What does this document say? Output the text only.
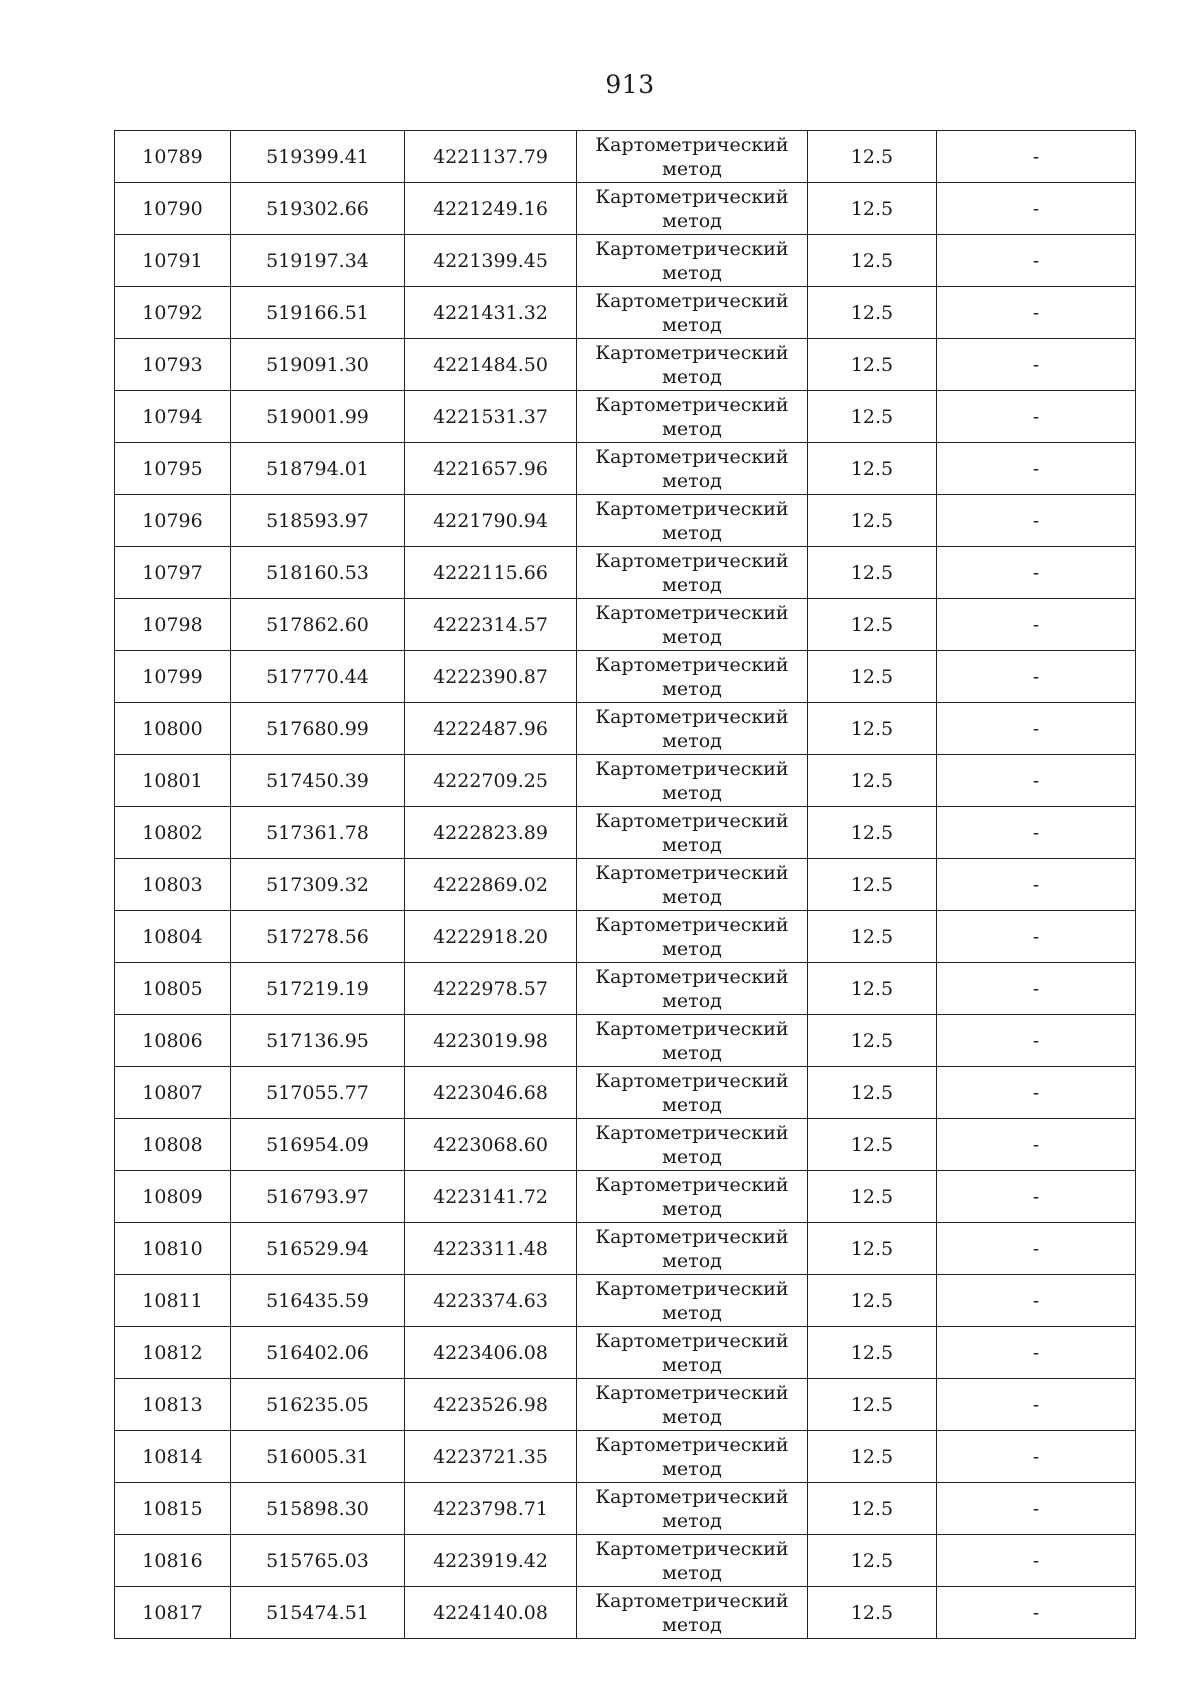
913
10789	519399.41	4221137.79	Картометрический
метод	12.5	-
10790	519302.66	4221249.16	Картометрический
метод	12.5	-
10791	519197.34	4221399.45	Картометрический
метод	12.5	-
10792	519166.51	4221431.32	Картометрический
метод	12.5	-
10793	519091.30	4221484.50	Картометрический
метод	12.5	-
10794	519001.99	4221531.37	Картометрический
метод	12.5	-
10795	518794.01	4221657.96	Картометрический
метод	12.5	-
10796	518593.97	4221790.94	Картометрический
метод	12.5	-
10797	518160.53	4222115.66	Картометрический
метод	12.5	-
10798	517862.60	4222314.57	Картометрический
метод	12.5	-
10799	517770.44	4222390.87	Картометрический
метод	12.5	-
10800	517680.99	4222487.96	Картометрический
метод	12.5	-
10801	517450.39	4222709.25	Картометрический
метод	12.5	-
10802	517361.78	4222823.89	Картометрический
метод	12.5	-
10803	517309.32	4222869.02	Картометрический
метод	12.5	-
10804	517278.56	4222918.20	Картометрический
метод	12.5	-
10805	517219.19	4222978.57	Картометрический
метод	12.5	-
10806	517136.95	4223019.98	Картометрический
метод	12.5	-
10807	517055.77	4223046.68	Картометрический
метод	12.5	-
10808	516954.09	4223068.60	Картометрический
метод	12.5	-
10809	516793.97	4223141.72	Картометрический
метод	12.5	-
10810	516529.94	4223311.48	Картометрический
метод	12.5	-
10811	516435.59	4223374.63	Картометрический
метод	12.5	-
10812	516402.06	4223406.08	Картометрический
метод	12.5	-
10813	516235.05	4223526.98	Картометрический
метод	12.5	-
10814	516005.31	4223721.35	Картометрический
метод	12.5	-
10815	515898.30	4223798.71	Картометрический
метод	12.5	-
10816	515765.03	4223919.42	Картометрический
метод	12.5	-
10817	515474.51	4224140.08	Картометрический
метод	12.5	-
